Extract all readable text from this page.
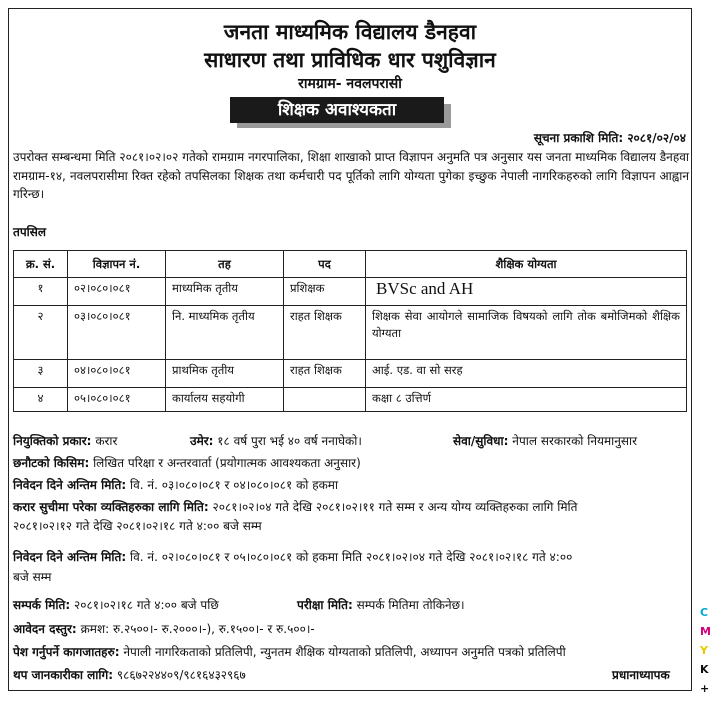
जनता माध्यमिक विद्यालय डैनहवा
साधारण तथा प्राविधिक धार पशुविज्ञान
रामग्राम- नवलपरासी
शिक्षक अवाश्यकता
सूचना प्रकाशि मिति: २०८१/०२/०४
उपरोक्त सम्बन्धमा मिति २०८१।०२।०२ गतेको रामग्राम नगरपालिका, शिक्षा शाखाको प्राप्त विज्ञापन अनुमति पत्र अनुसार यस जनता माध्यमिक विद्यालय डैनहवा रामग्राम-१४, नवलपरासीमा रिक्त रहेको तपसिलका शिक्षक तथा कर्मचारी पद पूर्तिको लागि योग्यता पुगेका इच्छुक नेपाली नागरिकहरुको लागि विज्ञापन आह्वान गरिन्छ।
तपसिल
क्र. सं.	विज्ञापन नं.	तह	पद	शैक्षिक योग्यता
१	०२।०८०।०८१	माध्यमिक तृतीय	प्रशिक्षक	BVSc and AH
२	०३।०८०।०८१	नि. माध्यमिक तृतीय	राहत शिक्षक	शिक्षक सेवा आयोगले सामाजिक विषयको लागि तोक बमोजिमको शैक्षिक योग्यता
३	०४।०८०।०८१	प्राथमिक तृतीय	राहत शिक्षक	आई. एड. वा सो सरह
४	०५।०८०।०८१	कार्यालय सहयोगी		कक्षा ८ उत्तिर्ण
नियुक्तिको प्रकार: करार	उमेर: १८ वर्ष पुरा भई ४० वर्ष ननाघेको।	सेवा/सुविधा: नेपाल सरकारको नियमानुसार
छनौटको किसिम: लिखित परिक्षा र अन्तरवार्ता (प्रयोगात्मक आवश्यकता अनुसार)
निवेदन दिने अन्तिम मिति: वि. नं. ०३।०८०।०८१ र ०४।०८०।०८१ को हकमा
करार सुचीमा परेका व्यक्तिहरुका लागि मिति: २०८१।०२।०४ गते देखि २०८१।०२।११ गते सम्म र अन्य योग्य व्यक्तिहरुका लागि मिति
२०८१।०२।१२ गते देखि २०८१।०२।१८ गते ४:०० बजे सम्म
निवेदन दिने अन्तिम मिति: वि. नं. ०२।०८०।०८१ र ०५।०८०।०८१ को हकमा मिति २०८१।०२।०४ गते देखि २०८१।०२।१८ गते ४:००
बजे सम्म
सम्पर्क मिति: २०८१।०२।१८ गते ४:०० बजे पछि	परीक्षा मिति: सम्पर्क मितिमा तोकिनेछ।
आवेदन दस्तुर: क्रमश: रु.२५००।- रु.२०००।-), रु.१५००।- र रु.५००।-
पेश गर्नुपर्ने कागजातहरु: नेपाली नागरिकताको प्रतिलिपी, न्युनतम शैक्षिक योग्यताको प्रतिलिपी, अध्यापन अनुमति पत्रको प्रतिलिपी
थप जानकारीका लागि: ९८६७२२४४०९/९८१६४३२९६७	प्रधानाध्यापक
C
M
Y
K
+
